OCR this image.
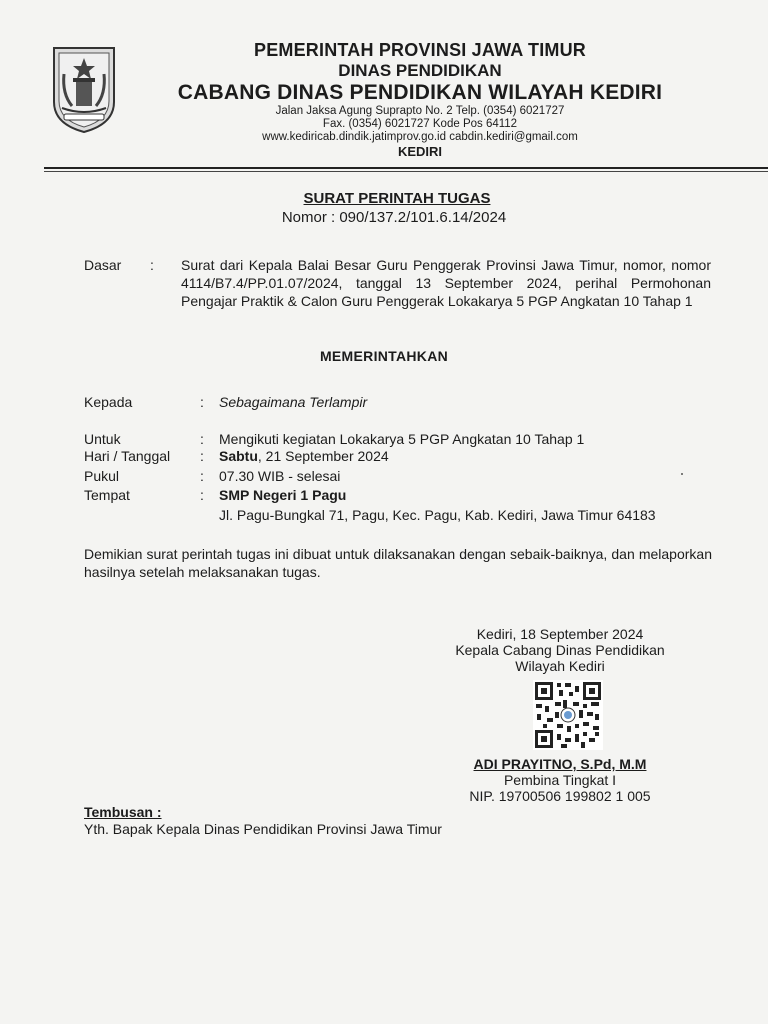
PEMERINTAH PROVINSI JAWA TIMUR
DINAS PENDIDIKAN
CABANG DINAS PENDIDIKAN WILAYAH KEDIRI
Jalan Jaksa Agung Suprapto No. 2 Telp. (0354) 6021727
Fax. (0354) 6021727 Kode Pos 64112
www.kediricab.dindik.jatimprov.go.id cabdin.kediri@gmail.com
KEDIRI
SURAT PERINTAH TUGAS
Nomor : 090/137.2/101.6.14/2024
Dasar : Surat dari Kepala Balai Besar Guru Penggerak Provinsi Jawa Timur, nomor, nomor 4114/B7.4/PP.01.07/2024, tanggal 13 September 2024, perihal Permohonan Pengajar Praktik & Calon Guru Penggerak Lokakarya 5 PGP Angkatan 10 Tahap 1
MEMERINTAHKAN
Kepada	: Sebagaimana Terlampir
Untuk	: Mengikuti kegiatan Lokakarya 5 PGP Angkatan 10 Tahap 1
Hari / Tanggal : Sabtu, 21 September 2024
Pukul	: 07.30 WIB - selesai
Tempat	: SMP Negeri 1 Pagu
Jl. Pagu-Bungkal 71, Pagu, Kec. Pagu, Kab. Kediri, Jawa Timur 64183
Demikian surat perintah tugas ini dibuat untuk dilaksanakan dengan sebaik-baiknya, dan melaporkan hasilnya setelah melaksanakan tugas.
Kediri, 18 September 2024
Kepala Cabang Dinas Pendidikan
Wilayah Kediri
ADI PRAYITNO, S.Pd, M.M
Pembina Tingkat I
NIP. 19700506 199802 1 005
Tembusan :
Yth. Bapak Kepala Dinas Pendidikan Provinsi Jawa Timur
